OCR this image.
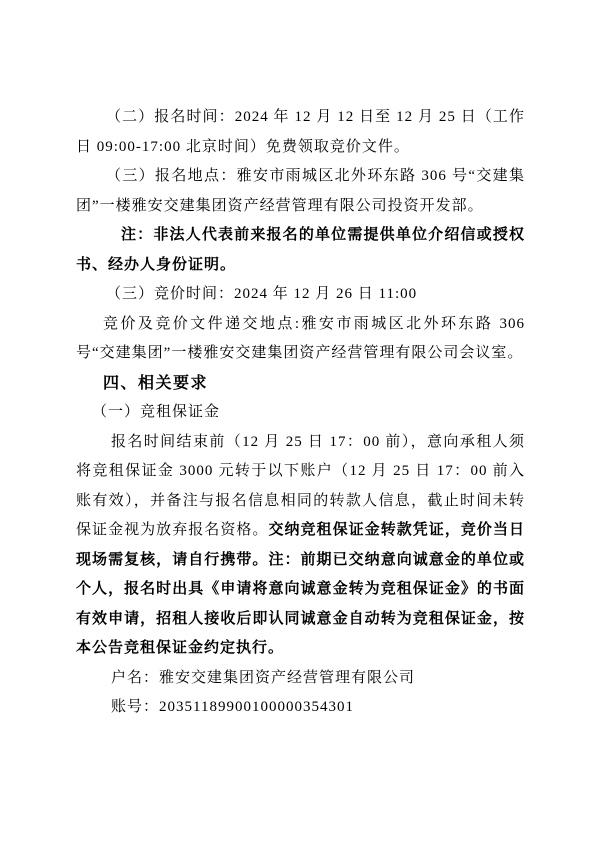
（二）报名时间：2024 年 12 月 12 日至 12 月 25 日（工作日 09:00-17:00 北京时间）免费领取竞价文件。

（三）报名地点：雅安市雨城区北外环东路 306 号“交建集团”一楼雅安交建集团资产经营管理有限公司投资开发部。

注：非法人代表前来报名的单位需提供单位介绍信或授权书、经办人身份证明。

（三）竞价时间：2024 年 12 月 26 日 11:00

竞价及竞价文件递交地点:雅安市雨城区北外环东路 306 号“交建集团”一楼雅安交建集团资产经营管理有限公司会议室。

四、相关要求

（一）竞租保证金

报名时间结束前（12 月 25 日 17：00 前），意向承租人须将竞租保证金 3000 元转于以下账户（12 月 25 日 17：00 前入账有效），并备注与报名信息相同的转款人信息，截止时间未转保证金视为放弃报名资格。交纳竞租保证金转款凭证，竞价当日现场需复核，请自行携带。注：前期已交纳意向诚意金的单位或个人，报名时出具《申请将意向诚意金转为竞租保证金》的书面有效申请，招租人接收后即认同诚意金自动转为竞租保证金，按本公告竞租保证金约定执行。

户名：雅安交建集团资产经营管理有限公司

账号：20351189900100000354301
